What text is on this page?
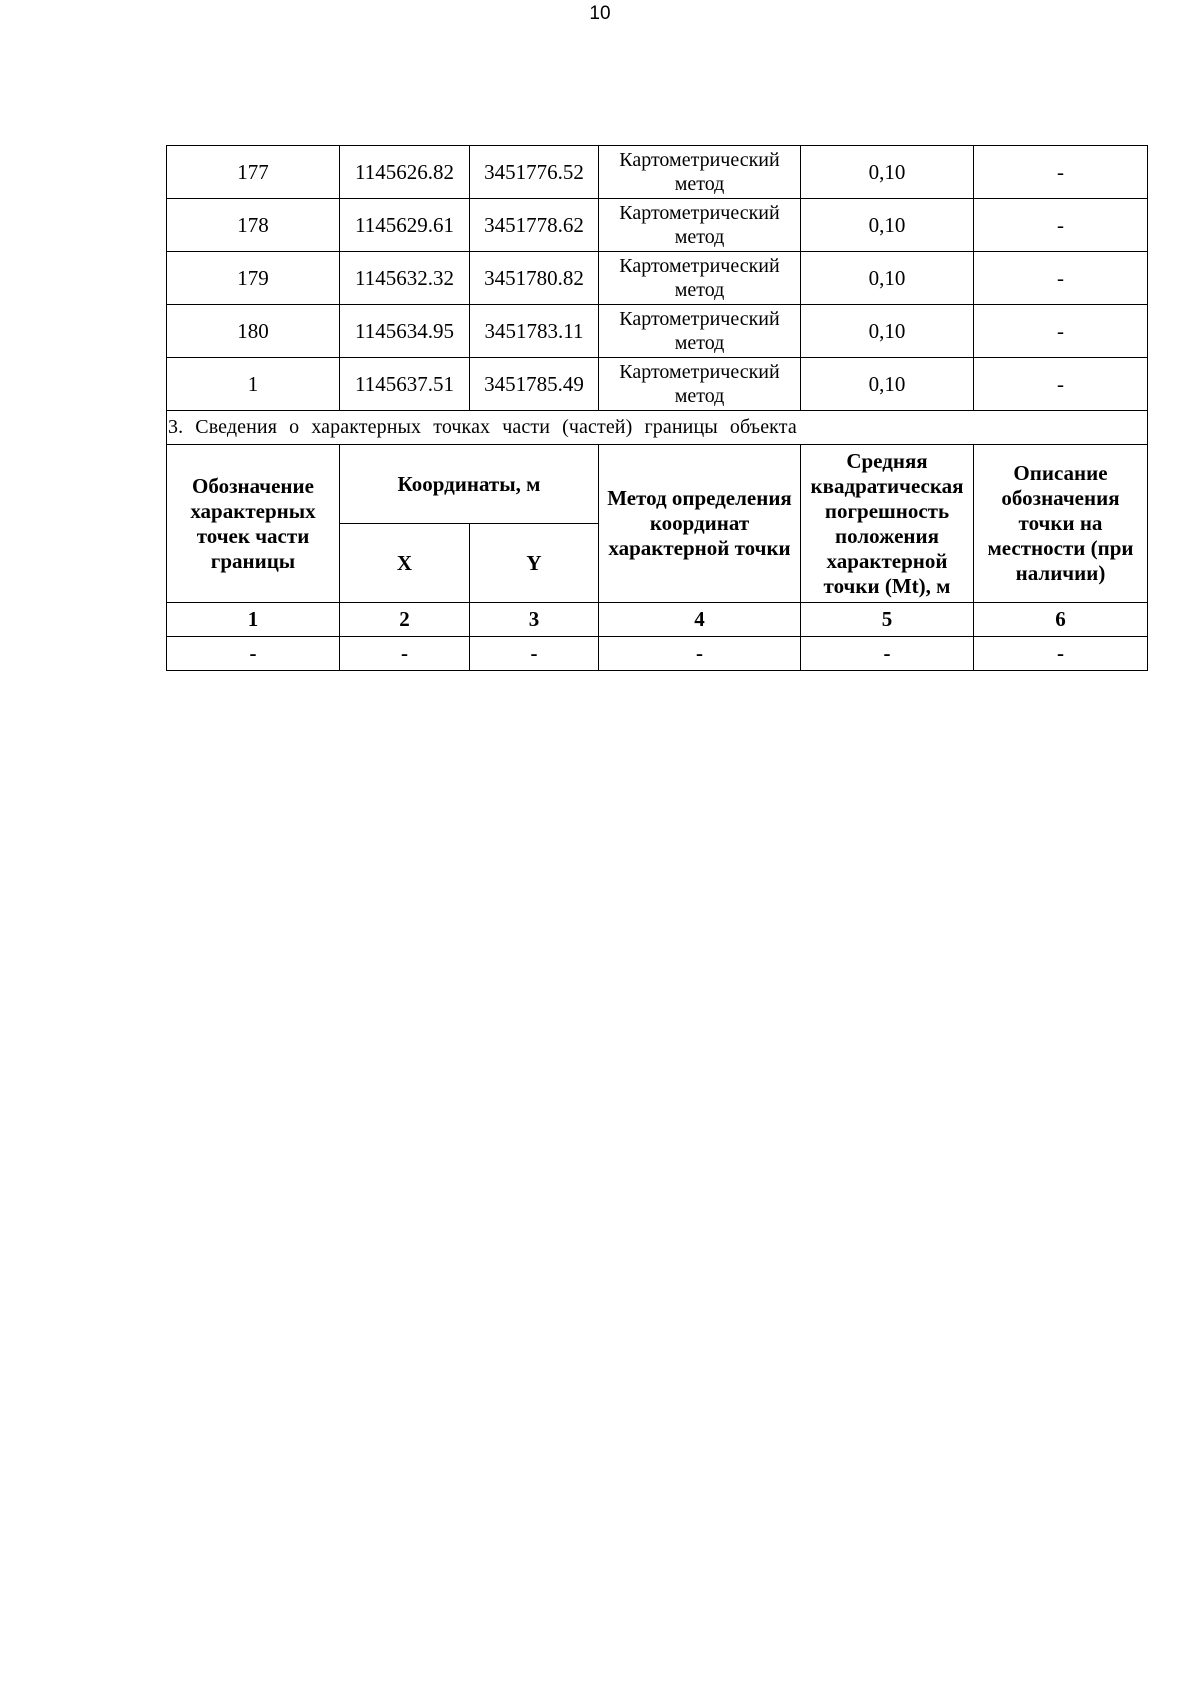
10
177	1145626.82	3451776.52	Картометрический метод	0,10	-
178	1145629.61	3451778.62	Картометрический метод	0,10	-
179	1145632.32	3451780.82	Картометрический метод	0,10	-
180	1145634.95	3451783.11	Картометрический метод	0,10	-
1	1145637.51	3451785.49	Картометрический метод	0,10	-
3. Сведения о характерных точках части (частей) границы объекта					
Обозначение характерных точек части границы	Координаты, м		Метод определения координат характерной точки	Средняя квадратическая погрешность положения характерной точки (Mt), м	Описание обозначения точки на местности (при наличии)
	X	Y			
1	2	3	4	5	6
-	-	-	-	-	-
